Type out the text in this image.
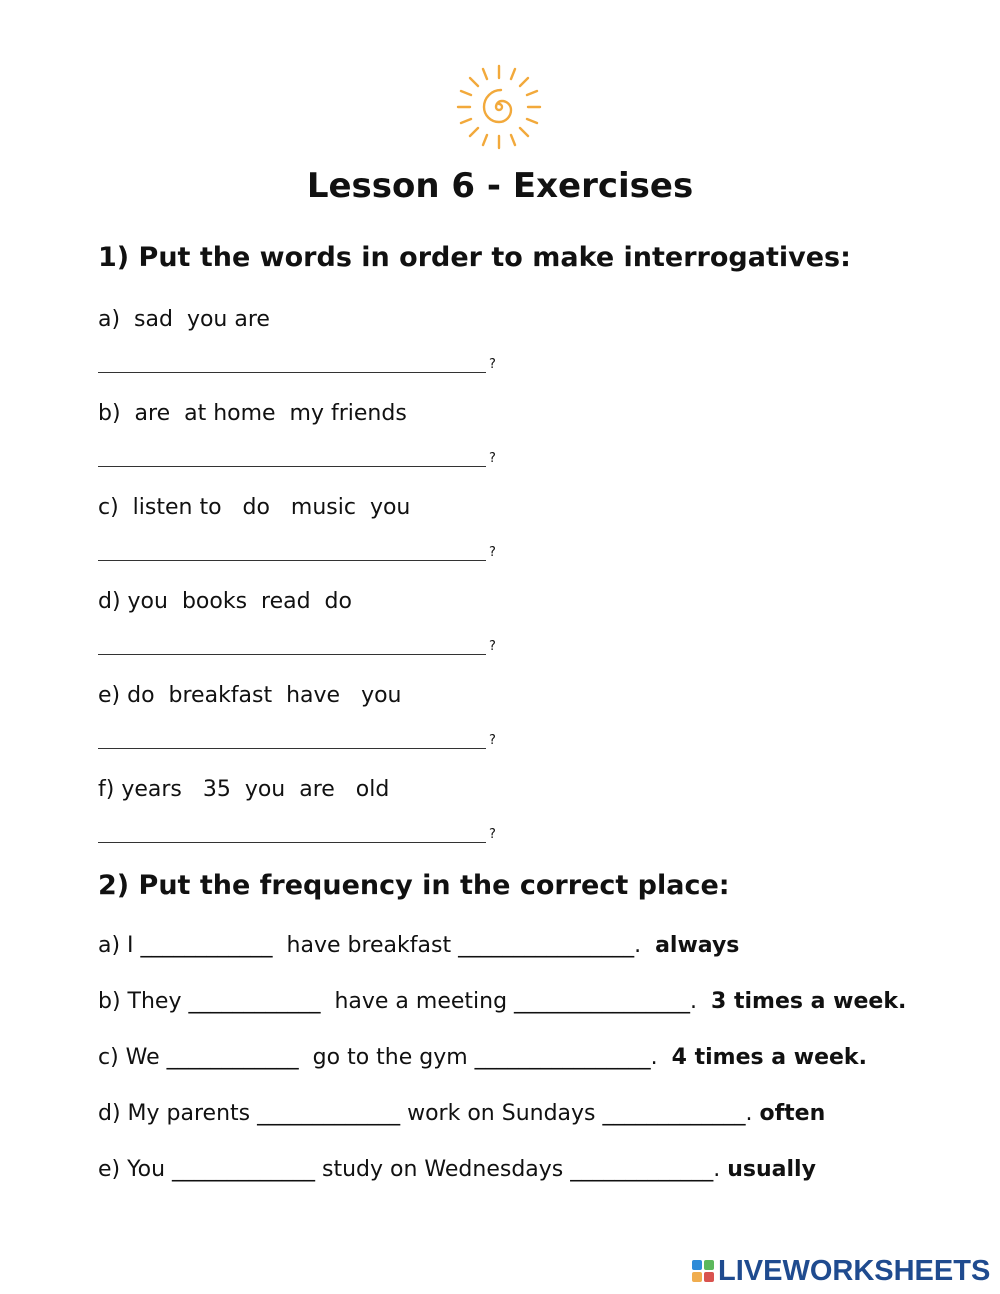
Lesson 6 - Exercises
1) Put the words in order to make interrogatives:

a)  sad  you are

?

b)  are  at home  my friends

?

c)  listen to   do   music  you

?

d) you  books  read  do

?

e) do  breakfast  have   you

?

f) years   35  you  are   old

?
2) Put the frequency in the correct place:

a) I ____________  have breakfast ________________.  always

b) They ____________  have a meeting ________________.  3 times a week.

c) We ____________  go to the gym ________________.  4 times a week.

d) My parents _____________ work on Sundays _____________. often

e) You _____________ study on Wednesdays _____________. usually

LIVEWORKSHEETS
